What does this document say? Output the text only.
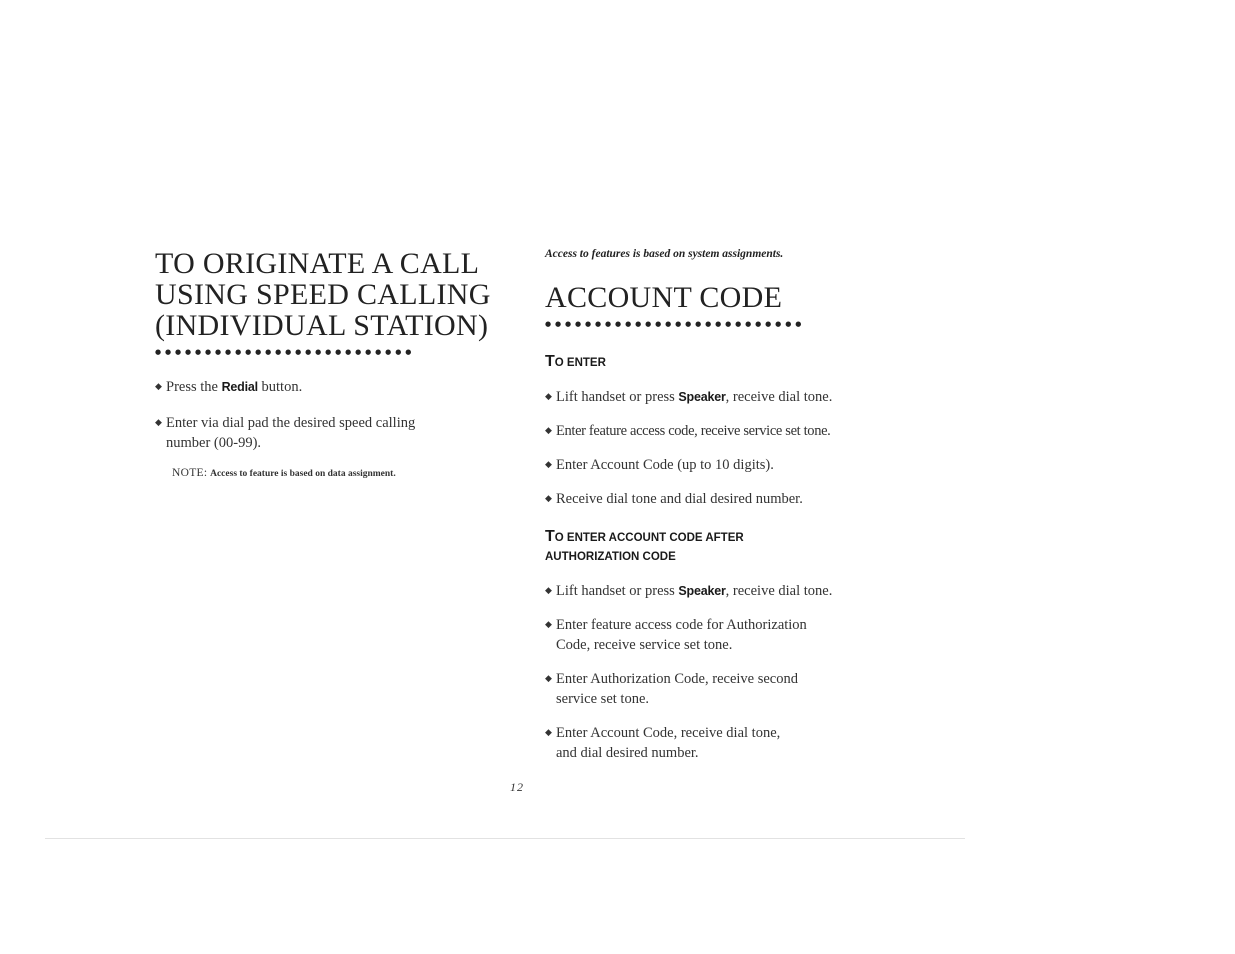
TO ORIGINATE A CALL
USING SPEED CALLING
(INDIVIDUAL STATION)
●●●●●●●●●●●●●●●●●●●●●●●●●●
◆ Press the Redial button.
◆ Enter via dial pad the desired speed calling
number (00-99).
NOTE: Access to feature is based on data assignment.

Access to features is based on system assignments.

ACCOUNT CODE
●●●●●●●●●●●●●●●●●●●●●●●●●●
TO ENTER
◆ Lift handset or press Speaker, receive dial tone.
◆ Enter feature access code, receive service set tone.
◆ Enter Account Code (up to 10 digits).
◆ Receive dial tone and dial desired number.
TO ENTER ACCOUNT CODE AFTER
AUTHORIZATION CODE
◆ Lift handset or press Speaker, receive dial tone.
◆ Enter feature access code for Authorization
Code, receive service set tone.
◆ Enter Authorization Code, receive second
service set tone.
◆ Enter Account Code, receive dial tone,
and dial desired number.
12
